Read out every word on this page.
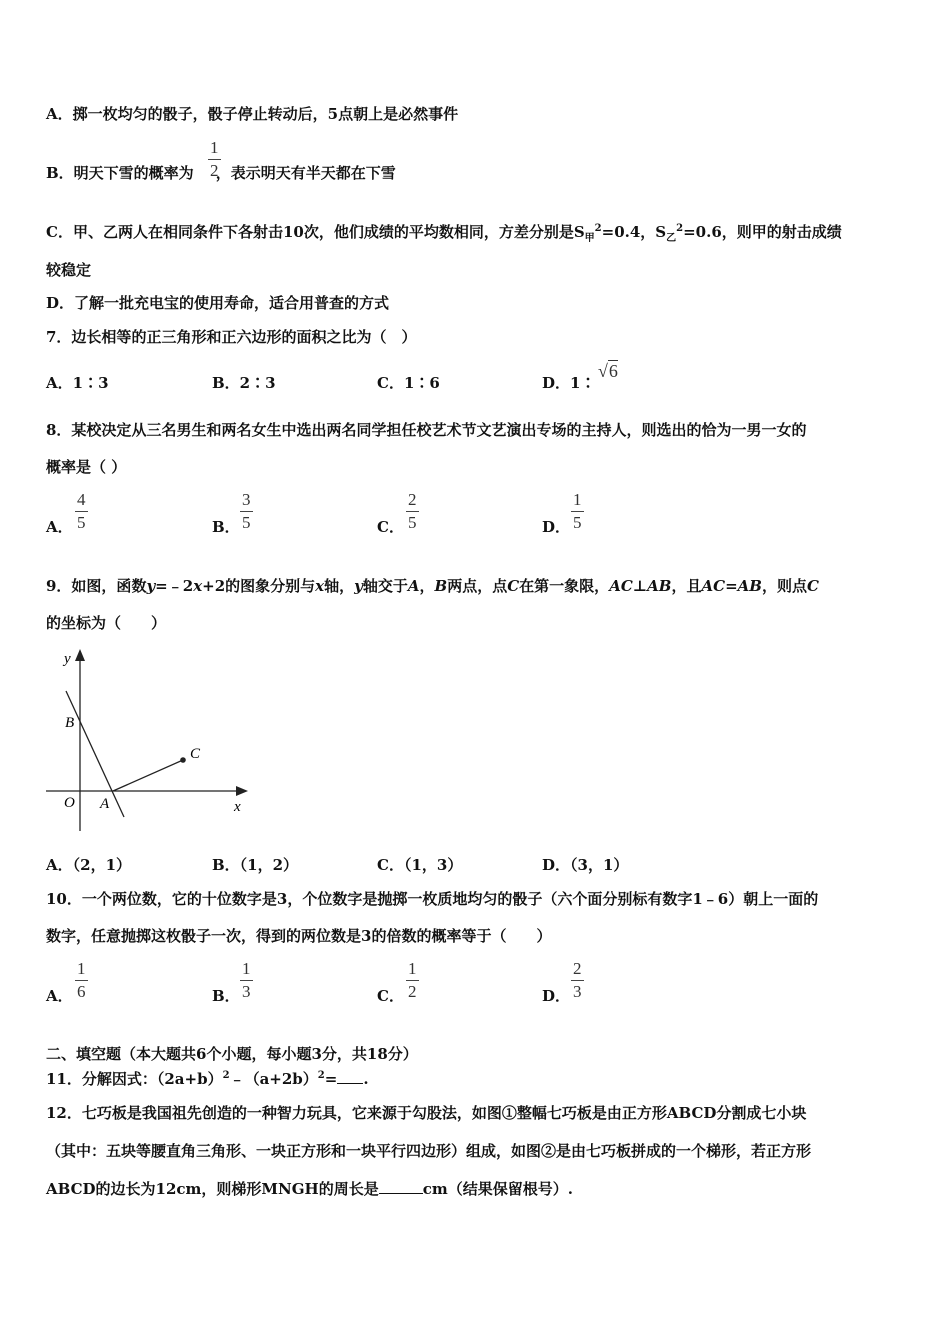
A．掷一枚均匀的骰子，骰子停止转动后，5点朝上是必然事件
B．明天下雪的概率为 ，表示明天有半天都在下雪
1
2
C．甲、乙两人在相同条件下各射击10次，他们成绩的平均数相同，方差分别是$S_甲^2=0.4$，$S_乙^2=0.6$，则甲的射击成绩
较稳定
D．了解一批充电宝的使用寿命，适合用普查的方式
7．边长相等的正三角形和正六边形的面积之比为（　）
A．1∶3	B．2∶3	C．1∶6	D．1∶
√6
8．某校决定从三名男生和两名女生中选出两名同学担任校艺术节文艺演出专场的主持人，则选出的恰为一男一女的
概率是（ ）
A．
4
5	B．
3
5	C．
2
5	D．
1
5
9．如图，函数y=﹣2x+2的图象分别与x轴，y轴交于A，B两点，点C在第一象限，AC⊥AB，且AC=AB，则点C
的坐标为（　　）
y
x
O A
B
C
A．（2，1）	B．（1，2）	C．（1，3）	D．（3，1）
10．一个两位数，它的十位数字是3，个位数字是抛掷一枚质地均匀的骰子（六个面分别标有数字1﹣6）朝上一面的
数字，任意抛掷这枚骰子一次，得到的两位数是3的倍数的概率等于（　　）
A．
1
6	B．
1
3	C．
1
2	D．
2
3
二、填空题（本大题共6个小题，每小题3分，共18分）
11．分解因式：$(2a+b)^2﹣(a+2b)^2=$ .
12．七巧板是我国祖先创造的一种智力玩具，它来源于勾股法，如图①整幅七巧板是由正方形ABCD分割成七小块
（其中：五块等腰直角三角形、一块正方形和一块平行四边形）组成，如图②是由七巧板拼成的一个梯形，若正方形
ABCD的边长为12cm，则梯形MNGH的周长是	cm（结果保留根号）.
